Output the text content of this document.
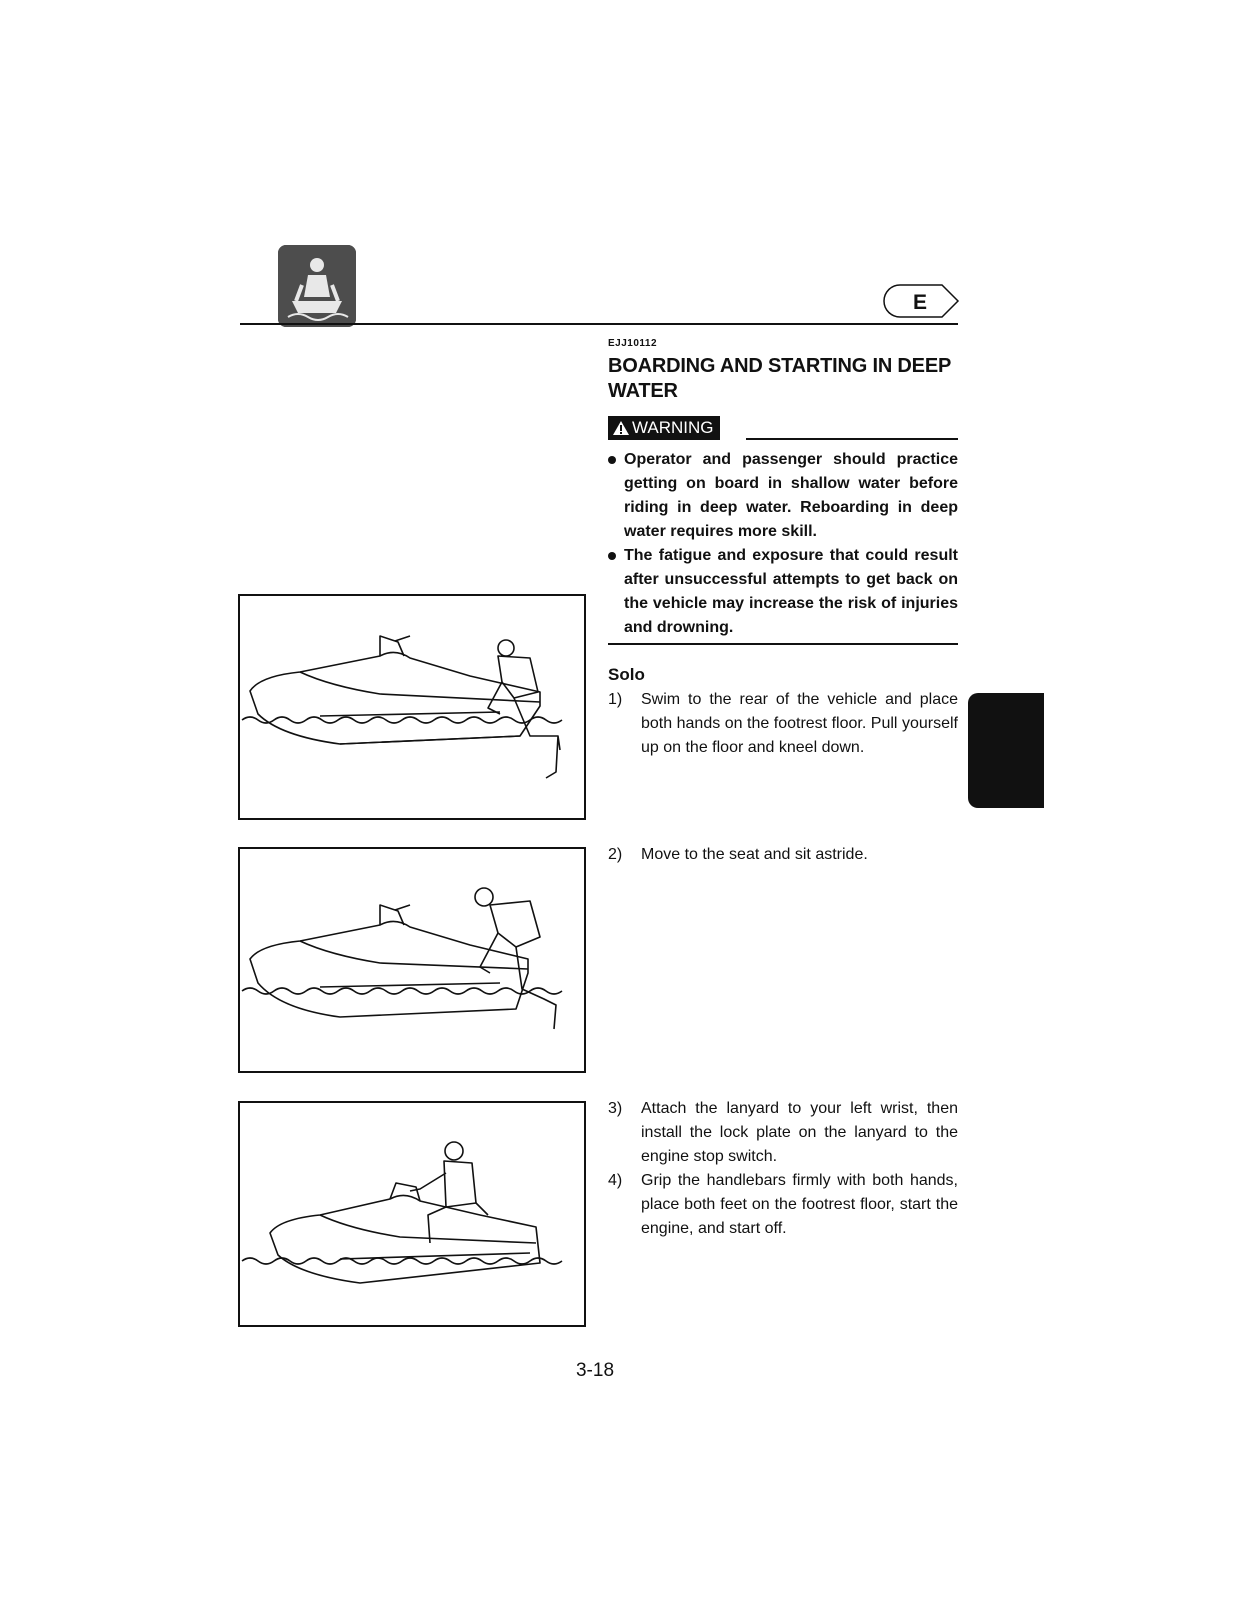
E
EJJ10112
BOARDING AND STARTING IN DEEP WATER
WARNING
Operator and passenger should practice getting on board in shallow water before riding in deep water. Reboarding in deep water requires more skill.
The fatigue and exposure that could result after unsuccessful attempts to get back on the vehicle may increase the risk of injuries and drowning.
Solo
1) Swim to the rear of the vehicle and place both hands on the footrest floor. Pull yourself up on the floor and kneel down.
2) Move to the seat and sit astride.
3) Attach the lanyard to your left wrist, then install the lock plate on the lanyard to the engine stop switch.
4) Grip the handlebars firmly with both hands, place both feet on the footrest floor, start the engine, and start off.
3-18
